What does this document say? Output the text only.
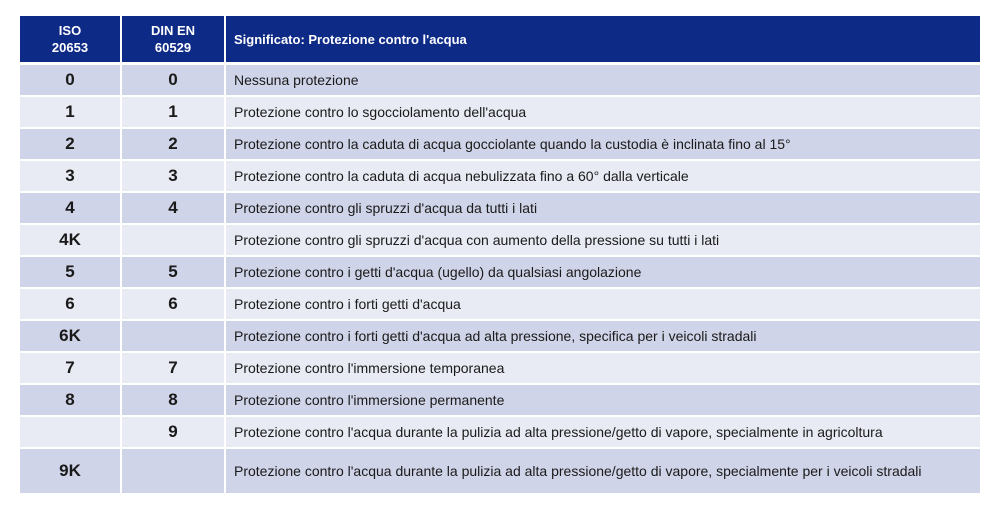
ISO 20653	DIN EN 60529	Significato: Protezione contro l'acqua
0	0	Nessuna protezione
1	1	Protezione contro lo sgocciolamento dell'acqua
2	2	Protezione contro la caduta di acqua gocciolante quando la custodia è inclinata fino al 15°
3	3	Protezione contro la caduta di acqua nebulizzata fino a 60° dalla verticale
4	4	Protezione contro gli spruzzi d'acqua da tutti i lati
4K		Protezione contro gli spruzzi d'acqua con aumento della pressione su tutti i lati
5	5	Protezione contro i getti d'acqua (ugello) da qualsiasi angolazione
6	6	Protezione contro i forti getti d'acqua
6K		Protezione contro i forti getti d'acqua ad alta pressione, specifica per i veicoli stradali
7	7	Protezione contro l'immersione temporanea
8	8	Protezione contro l'immersione permanente
	9	Protezione contro l'acqua durante la pulizia ad alta pressione/getto di vapore, specialmente in agricoltura
9K		Protezione contro l'acqua durante la pulizia ad alta pressione/getto di vapore, specialmente per i veicoli stradali
